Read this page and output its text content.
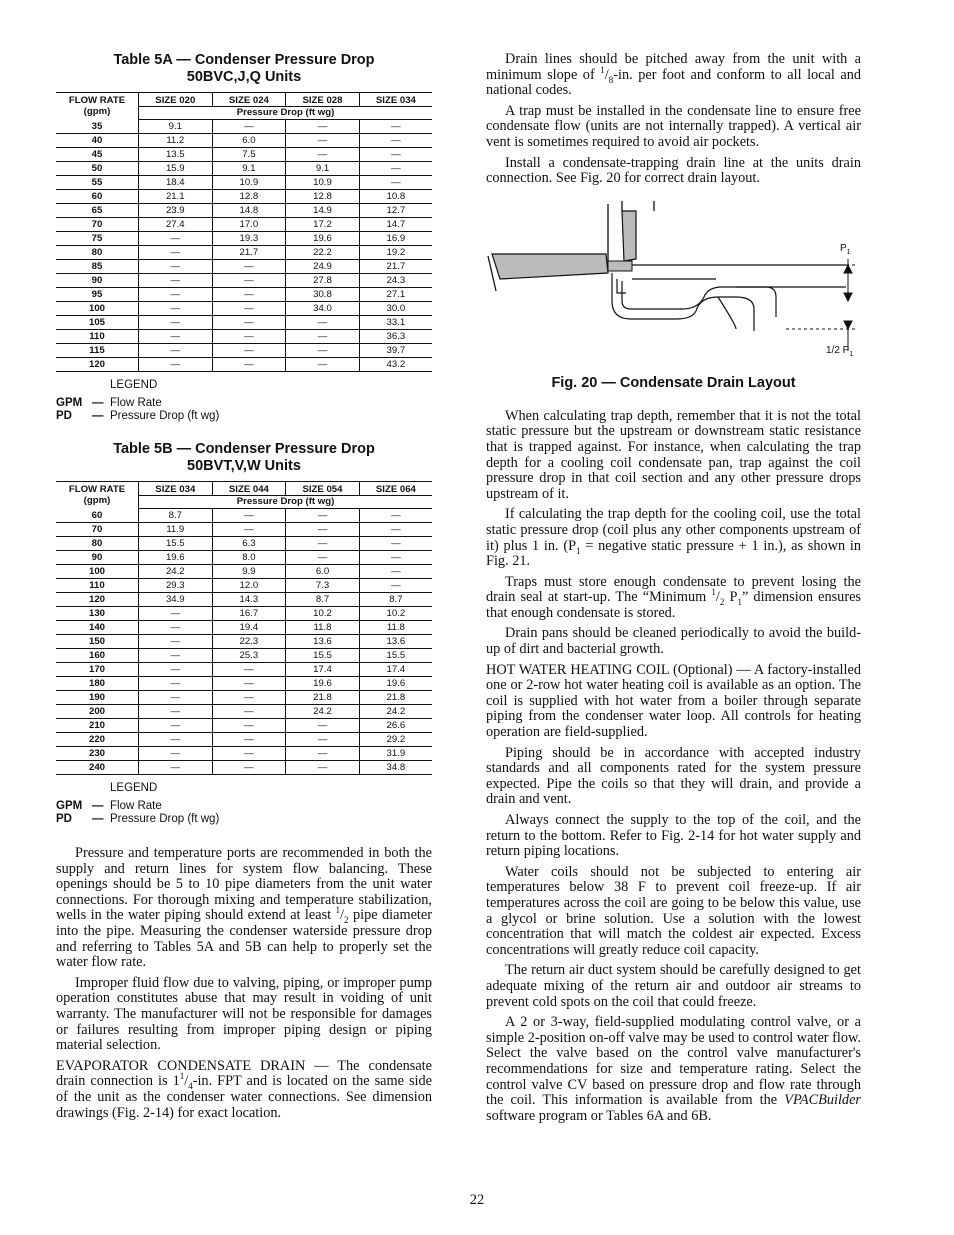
Table 5A — Condenser Pressure Drop
50BVC,J,Q Units
FLOW RATE
(gpm)	SIZE 020	SIZE 024	SIZE 028	SIZE 034
	Pressure Drop (ft wg)			
35	9.1	—	—	—
40	11.2	6.0	—	—
45	13.5	7.5	—	—
50	15.9	9.1	9.1	—
55	18.4	10.9	10.9	—
60	21.1	12.8	12.8	10.8
65	23.9	14.8	14.9	12.7
70	27.4	17.0	17.2	14.7
75	—	19.3	19.6	16.9
80	—	21.7	22.2	19.2
85	—	—	24.9	21.7
90	—	—	27.8	24.3
95	—	—	30.8	27.1
100	—	—	34.0	30.0
105	—	—	—	33.1
110	—	—	—	36.3
115	—	—	—	39.7
120	—	—	—	43.2
LEGEND
GPM — Flow Rate
PD	— Pressure Drop (ft wg)
Table 5B — Condenser Pressure Drop
50BVT,V,W Units
FLOW RATE
(gpm)	SIZE 034	SIZE 044	SIZE 054	SIZE 064
	Pressure Drop (ft wg)			
60	8.7	—	—	—
70	11.9	—	—	—
80	15.5	6.3	—	—
90	19.6	8.0	—	—
100	24.2	9.9	6.0	—
110	29.3	12.0	7.3	—
120	34.9	14.3	8.7	8.7
130	—	16.7	10.2	10.2
140	—	19.4	11.8	11.8
150	—	22.3	13.6	13.6
160	—	25.3	15.5	15.5
170	—	—	17.4	17.4
180	—	—	19.6	19.6
190	—	—	21.8	21.8
200	—	—	24.2	24.2
210	—	—	—	26.6
220	—	—	—	29.2
230	—	—	—	31.9
240	—	—	—	34.8
LEGEND
GPM — Flow Rate
PD	— Pressure Drop (ft wg)

Pressure and temperature ports are recommended in both the supply and return lines for system flow balancing. These openings should be 5 to 10 pipe diameters from the unit water connections. For thorough mixing and temperature stabilization, wells in the water piping should extend at least $^1/_2$ pipe diameter into the pipe. Measuring the condenser waterside pressure drop and referring to Tables 5A and 5B can help to properly set the water flow rate.

Improper fluid flow due to valving, piping, or improper pump operation constitutes abuse that may result in voiding of unit warranty. The manufacturer will not be responsible for damages or failures resulting from improper piping design or piping material selection.

EVAPORATOR CONDENSATE DRAIN — The condensate drain connection is $1^1/_4-in$. FPT and is located on the same side of the unit as the condenser water connections. See dimension drawings (Fig. 2-14) for exact location.

Drain lines should be pitched away from the unit with a minimum slope of $^1/_8-in$. per foot and conform to all local and national codes.

A trap must be installed in the condensate line to ensure free condensate flow (units are not internally trapped). A vertical air vent is sometimes required to avoid air pockets.

Install a condensate-trapping drain line at the units drain connection. See Fig. 20 for correct drain layout.

$P_1$
1/2 $P_1$
Fig. 20 — Condensate Drain Layout

When calculating trap depth, remember that it is not the total static pressure but the upstream or downstream static resistance that is trapped against. For instance, when calculating the trap depth for a cooling coil condensate pan, trap against the coil pressure drop in that coil section and any other pressure drops upstream of it.

If calculating the trap depth for the cooling coil, use the total static pressure drop (coil plus any other components upstream of it) plus 1 in. ($P_1$ = negative static pressure + 1 in.), as shown in Fig. 21.

Traps must store enough condensate to prevent losing the drain seal at start-up. The “Minimum $^1/_2$ $P_1$” dimension ensures that enough condensate is stored.

Drain pans should be cleaned periodically to avoid the build-up of dirt and bacterial growth.

HOT WATER HEATING COIL (Optional) — A factory-installed one or 2-row hot water heating coil is available as an option. The coil is supplied with hot water from a boiler through separate piping from the condenser water loop. All controls for heating operation are field-supplied.

Piping should be in accordance with accepted industry standards and all components rated for the system pressure expected. Pipe the coils so that they will drain, and provide a drain and vent.

Always connect the supply to the top of the coil, and the return to the bottom. Refer to Fig. 2-14 for hot water supply and return piping locations.

Water coils should not be subjected to entering air temperatures below 38 F to prevent coil freeze-up. If air temperatures across the coil are going to be below this value, use a glycol or brine solution. Use a solution with the lowest concentration that will match the coldest air expected. Excess concentrations will greatly reduce coil capacity.

The return air duct system should be carefully designed to get adequate mixing of the return air and outdoor air streams to prevent cold spots on the coil that could freeze.

A 2 or 3-way, field-supplied modulating control valve, or a simple 2-position on-off valve may be used to control water flow. Select the valve based on the control valve manufacturer's recommendations for size and temperature rating. Select the control valve CV based on pressure drop and flow rate through the coil. This information is available from the VPACBuilder software program or Tables 6A and 6B.

22
